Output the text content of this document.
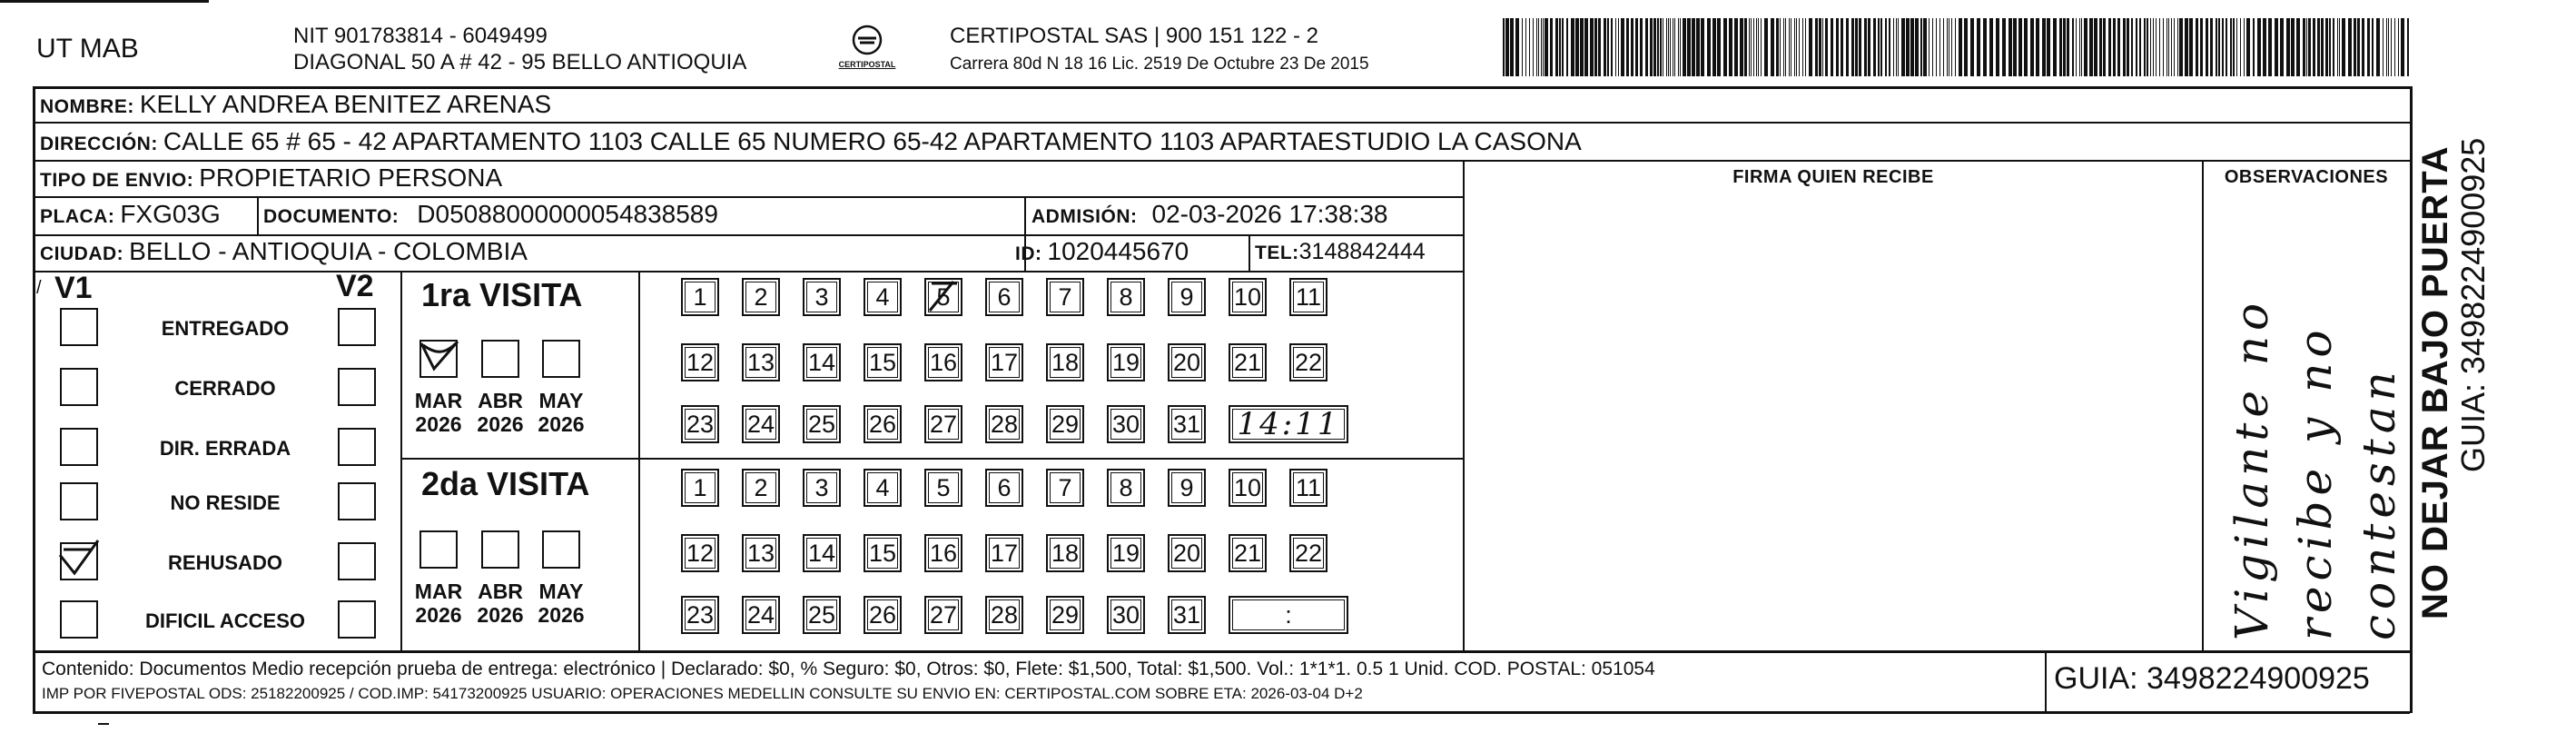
UT MAB	NIT 901783814 - 6049499
DIAGONAL 50 A # 42 - 95 BELLO ANTIOQUIA	CERTIPOSTAL
CERTIPOSTAL SAS | 900 151 122 - 2
Carrera 80d N 18 16 Lic. 2519 De Octubre 23 De 2015
NOMBRE: KELLY ANDREA BENITEZ ARENAS
DIRECCIÓN: CALLE 65 # 65 - 42 APARTAMENTO 1103 CALLE 65 NUMERO 65-42 APARTAMENTO 1103 APARTAESTUDIO LA CASONA
TIPO DE ENVIO: PROPIETARIO PERSONA	FIRMA QUIEN RECIBE	OBSERVACIONES
PLACA: FXG03G DOCUMENTO: D05088000000054838589	ADMISIÓN: 02-03-2026 17:38:38
CIUDAD: BELLO - ANTIOQUIA - COLOMBIA	ID: 1020445670	TEL: 3148842444
V1
/	V2
ENTREGADO
CERRADO
DIR. ERRADA
NO RESIDE
REHUSADO
DIFICIL ACCESO
1ra VISITA
2da VISITA
1 2 3 4 5 6 7 8 9 10 11
12 13 14 15 16 17 18 19 20 21 22
23 24 25 26 27 28 29 30 31 14:11
MAR
2026
ABR
2026
MAY
2026
1 2 3 4 5 6 7 8 9 10 11
12 13 14 15 16 17 18 19 20 21 22
23 24 25 26 27 28 29 30 31	:
MAR
2026
ABR
2026
MAY
2026	Vigilante no recibe y no contestan NO DEJAR BAJO PUERTA GUIA: 3498224900925
Contenido: Documentos Medio recepción prueba de entrega: electrónico | Declarado: $0, % Seguro: $0, Otros: $0, Flete: $1,500, Total: $1,500. Vol.: 1*1*1. 0.5 1 Unid. COD. POSTAL: 051054
IMP POR FIVEPOSTAL ODS: 25182200925 / COD.IMP: 54173200925 USUARIO: OPERACIONES MEDELLIN CONSULTE SU ENVIO EN: CERTIPOSTAL.COM SOBRE ETA: 2026-03-04 D+2	GUIA: 3498224900925
